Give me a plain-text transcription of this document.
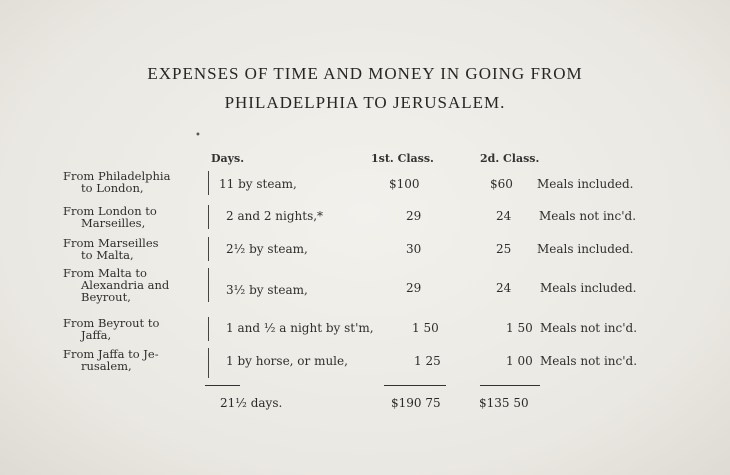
EXPENSES OF TIME AND MONEY IN GOING FROM
PHILADELPHIA TO JERUSALEM.
•
Days.	1st. Class.	2d. Class.
From Philadelphia
to London,	11 by steam,	$100	$60 Meals included.
From London to
Marseilles,	2 and 2 nights,*	29	24 Meals not inc'd.
From Marseilles
to Malta,	2½ by steam,	30	25 Meals included.
From Malta to
Alexandria and
Beyrout,	3½ by steam,	29	24 Meals included.
From Beyrout to
Jaffa,	1 and ½ a night by st'm,	1 50	1 50 Meals not inc'd.
From Jaffa to Je-
rusalem,	1 by horse, or mule,	1 25	1 00 Meals not inc'd.
21½ days.	$190 75	$135 50
